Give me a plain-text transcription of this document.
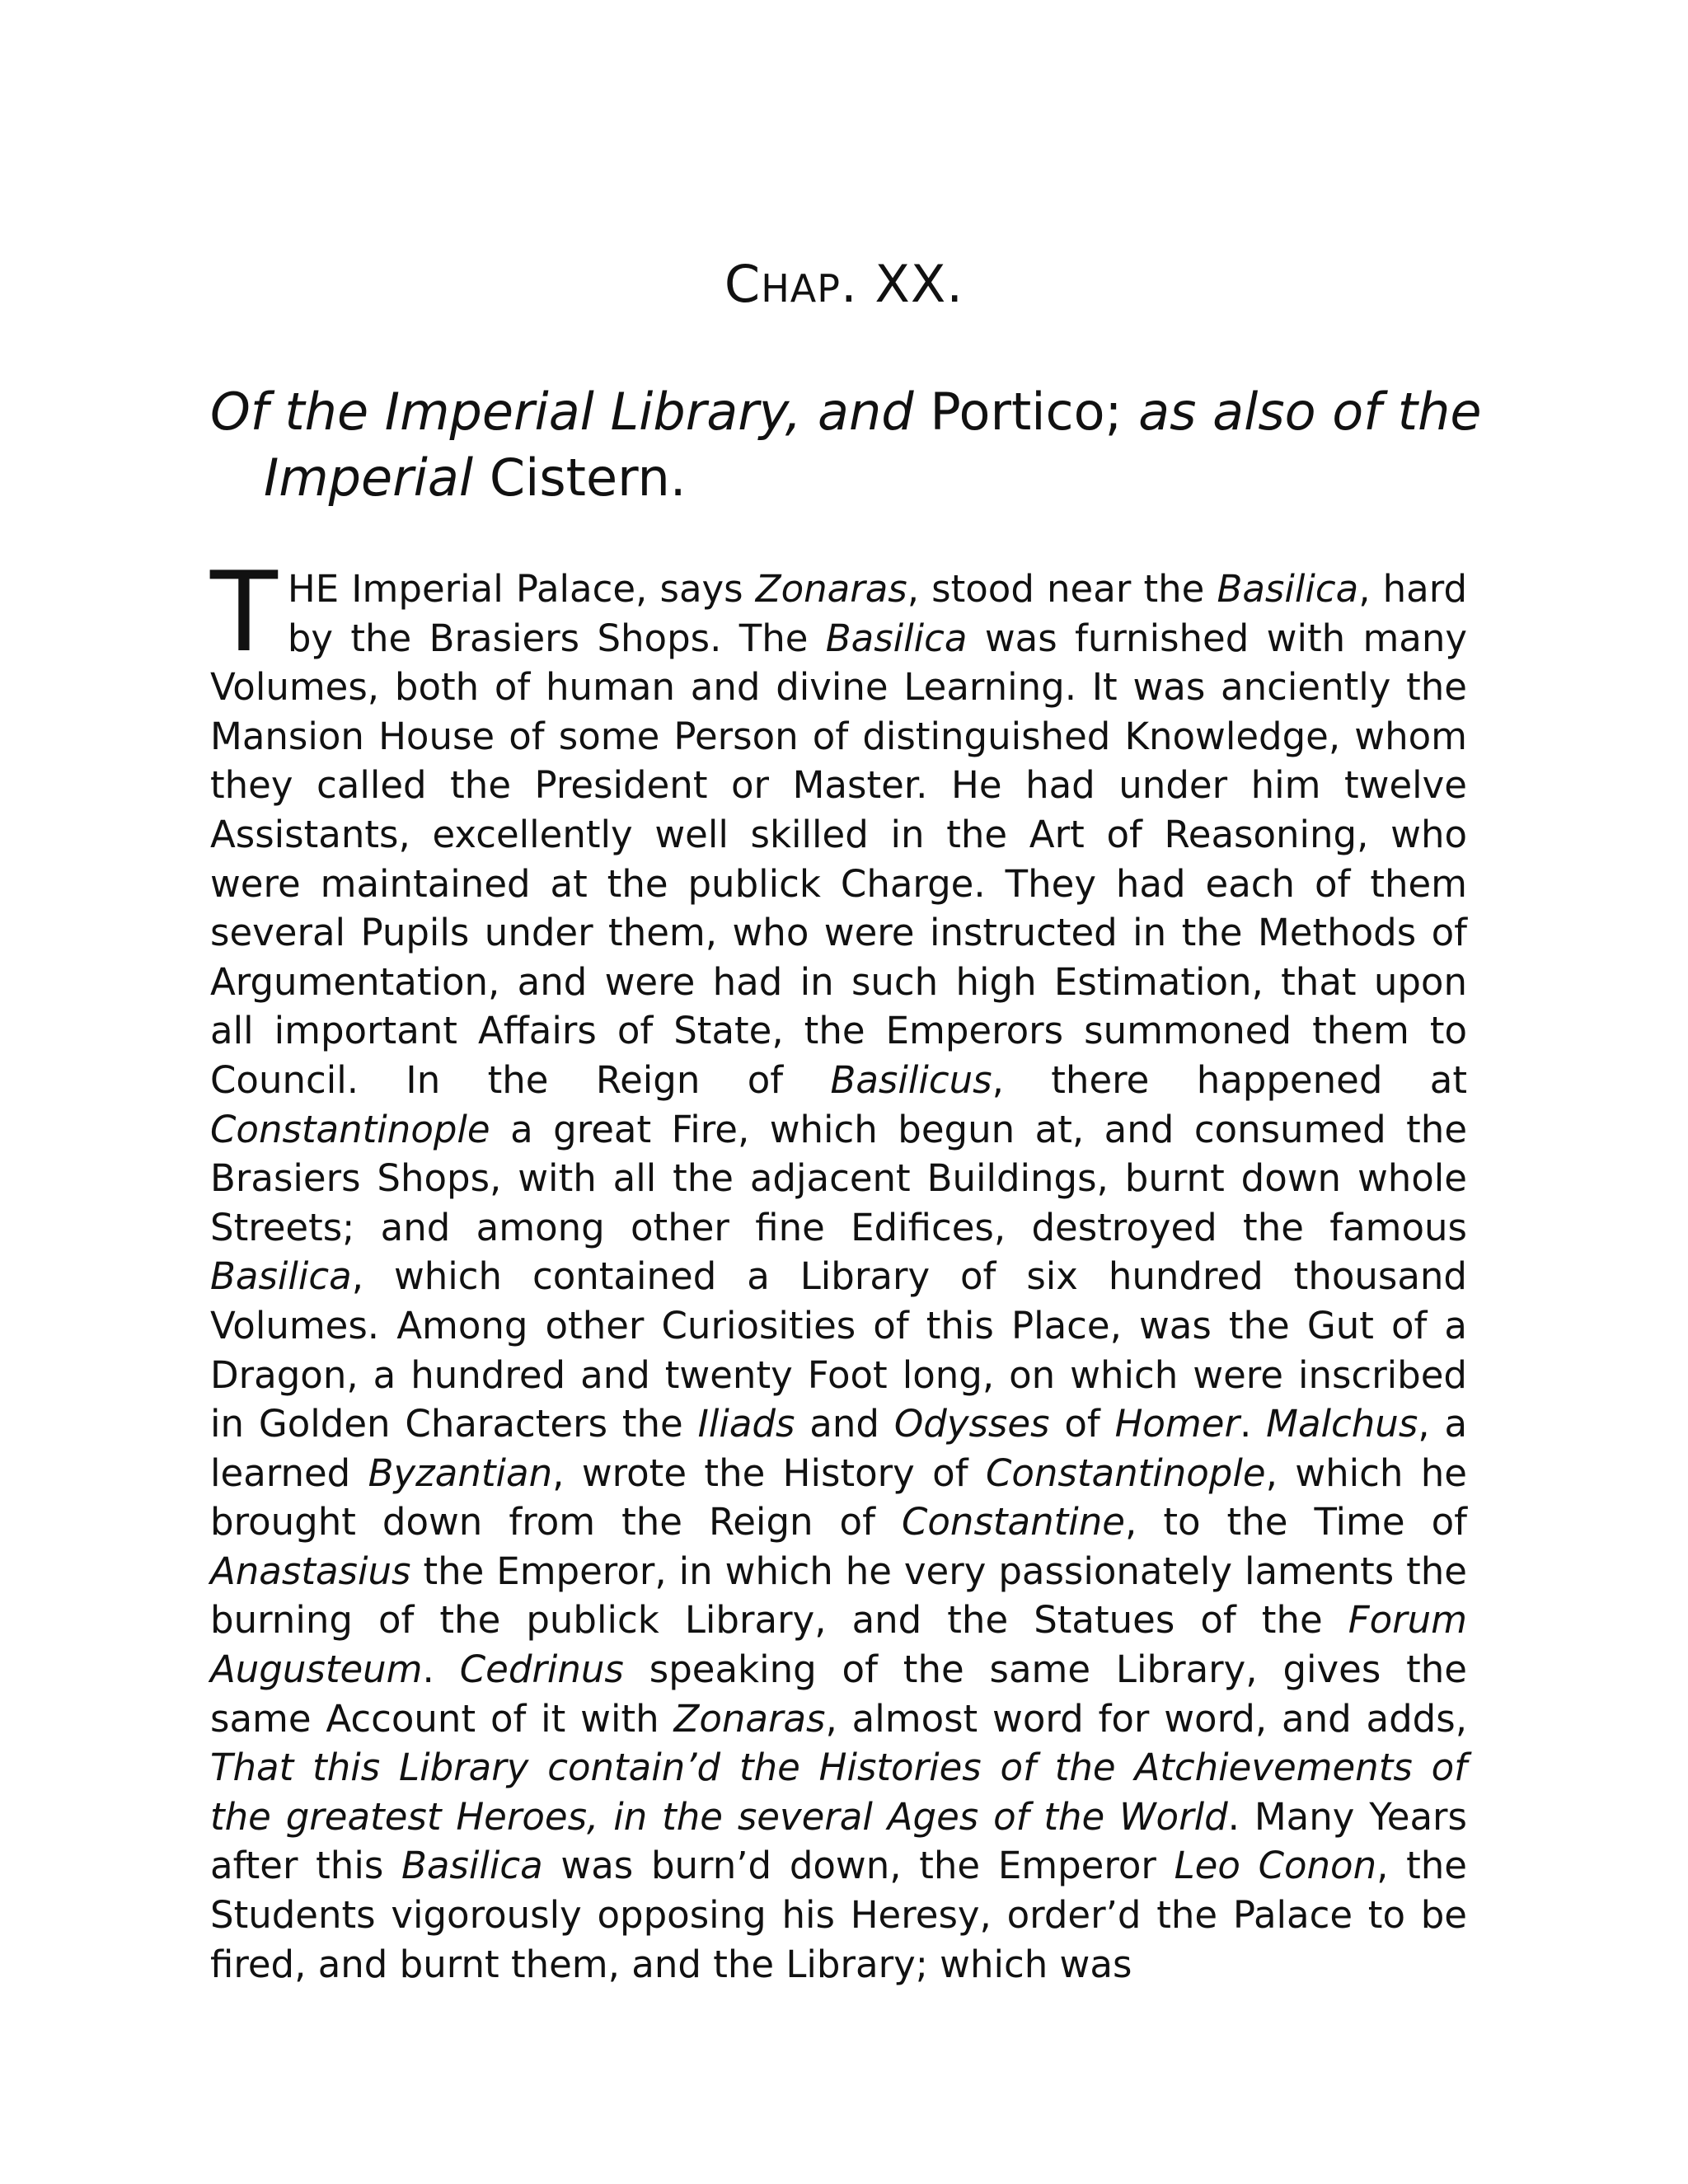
CHAP. XX.
Of the Imperial Library, and Portico; as also of the
Imperial Cistern.
THE Imperial Palace, says Zonaras, stood near the Basilica, hard by the Brasiers Shops. The Basilica was furnished with many Volumes, both of human and divine Learning. It was anciently the Mansion House of some Person of distinguished Knowledge, whom they called the President or Master. He had under him twelve Assistants, excellently well skilled in the Art of Reasoning, who were maintained at the publick Charge. They had each of them several Pupils under them, who were instructed in the Methods of Argumentation, and were had in such high Estimation, that upon all important Affairs of State, the Emperors summoned them to Council. In the Reign of Basilicus, there happened at Constantinople a great Fire, which begun at, and consumed the Brasiers Shops, with all the adjacent Buildings, burnt down whole Streets; and among other fine Edifices, destroyed the famous Basilica, which contained a Library of six hundred thousand Volumes. Among other Curiosities of this Place, was the Gut of a Dragon, a hundred and twenty Foot long, on which were inscribed in Golden Characters the Iliads and Odysses of Homer. Malchus, a learned Byzantian, wrote the History of Constantinople, which he brought down from the Reign of Constantine, to the Time of Anastasius the Emperor, in which he very passionately laments the burning of the publick Library, and the Statues of the Forum Augusteum. Cedrinus speaking of the same Library, gives the same Account of it with Zonaras, almost word for word, and adds, That this Library contain’d the Histories of the Atchievements of the greatest Heroes, in the several Ages of the World. Many Years after this Basilica was burn’d down, the Emperor Leo Conon, the Students vigorously opposing his Heresy, order’d the Palace to be fired, and burnt them, and the Library; which was
